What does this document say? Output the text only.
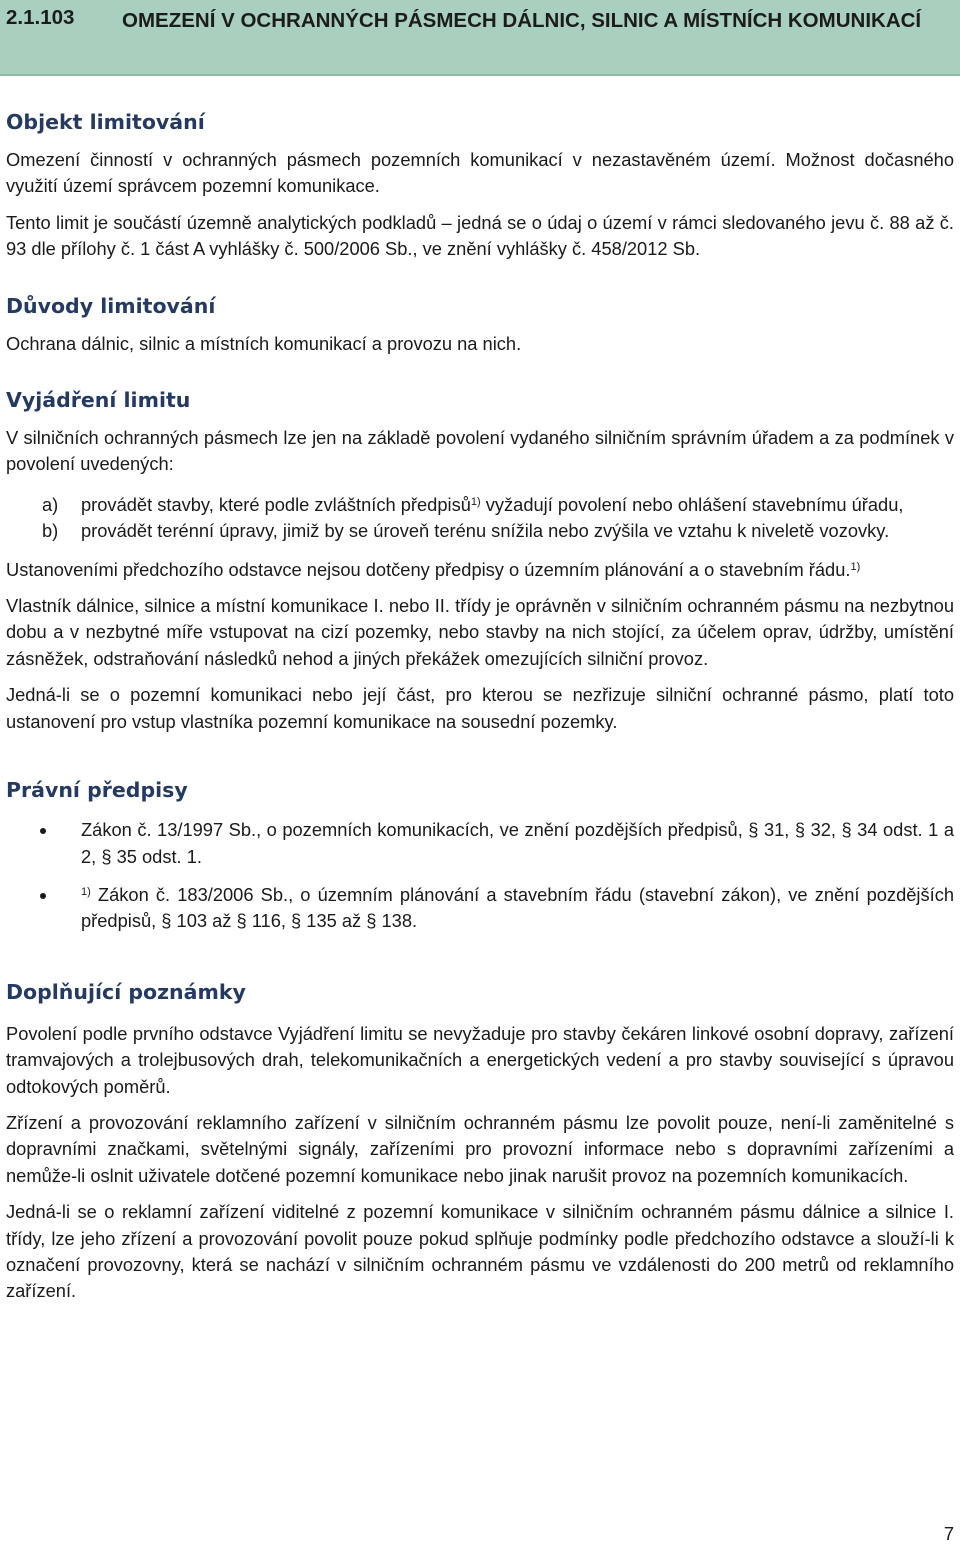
2.1.103 OMEZENÍ V OCHRANNÝCH PÁSMECH DÁLNIC, SILNIC A MÍSTNÍCH KOMUNIKACÍ
Objekt limitování

Omezení činností v ochranných pásmech pozemních komunikací v nezastavěném území. Možnost dočasného využití území správcem pozemní komunikace.

Tento limit je součástí územně analytických podkladů – jedná se o údaj o území v rámci sledovaného jevu č. 88 až č. 93 dle přílohy č. 1 část A vyhlášky č. 500/2006 Sb., ve znění vyhlášky č. 458/2012 Sb.

Důvody limitování

Ochrana dálnic, silnic a místních komunikací a provozu na nich.

Vyjádření limitu

V silničních ochranných pásmech lze jen na základě povolení vydaného silničním správním úřadem a za podmínek v povolení uvedených:

a) provádět stavby, které podle zvláštních předpisů$^{1)}$ vyžadují povolení nebo ohlášení stavebnímu úřadu,
b) provádět terénní úpravy, jimiž by se úroveň terénu snížila nebo zvýšila ve vztahu k niveletě vozovky.

Ustanoveními předchozího odstavce nejsou dotčeny předpisy o územním plánování a o stavebním řádu.$^{1)}$

Vlastník dálnice, silnice a místní komunikace I. nebo II. třídy je oprávněn v silničním ochranném pásmu na nezbytnou dobu a v nezbytné míře vstupovat na cizí pozemky, nebo stavby na nich stojící, za účelem oprav, údržby, umístění zásněžek, odstraňování následků nehod a jiných překážek omezujících silniční provoz.

Jedná-li se o pozemní komunikaci nebo její část, pro kterou se nezřizuje silniční ochranné pásmo, platí toto ustanovení pro vstup vlastníka pozemní komunikace na sousední pozemky.

Právní předpisy
Zákon č. 13/1997 Sb., o pozemních komunikacích, ve znění pozdějších předpisů, § 31, § 32, § 34 odst. 1 a 2, § 35 odst. 1.
$^{1)}$ Zákon č. 183/2006 Sb., o územním plánování a stavebním řádu (stavební zákon), ve znění pozdějších předpisů, § 103 až § 116, § 135 až § 138.
Doplňující poznámky

Povolení podle prvního odstavce Vyjádření limitu se nevyžaduje pro stavby čekáren linkové osobní dopravy, zařízení tramvajových a trolejbusových drah, telekomunikačních a energetických vedení a pro stavby související s úpravou odtokových poměrů.

Zřízení a provozování reklamního zařízení v silničním ochranném pásmu lze povolit pouze, není-li zaměnitelné s dopravními značkami, světelnými signály, zařízeními pro provozní informace nebo s dopravními zařízeními a nemůže-li oslnit uživatele dotčené pozemní komunikace nebo jinak narušit provoz na pozemních komunikacích.

Jedná-li se o reklamní zařízení viditelné z pozemní komunikace v silničním ochranném pásmu dálnice a silnice I. třídy, lze jeho zřízení a provozování povolit pouze pokud splňuje podmínky podle předchozího odstavce a slouží-li k označení provozovny, která se nachází v silničním ochranném pásmu ve vzdálenosti do 200 metrů od reklamního zařízení.

7
